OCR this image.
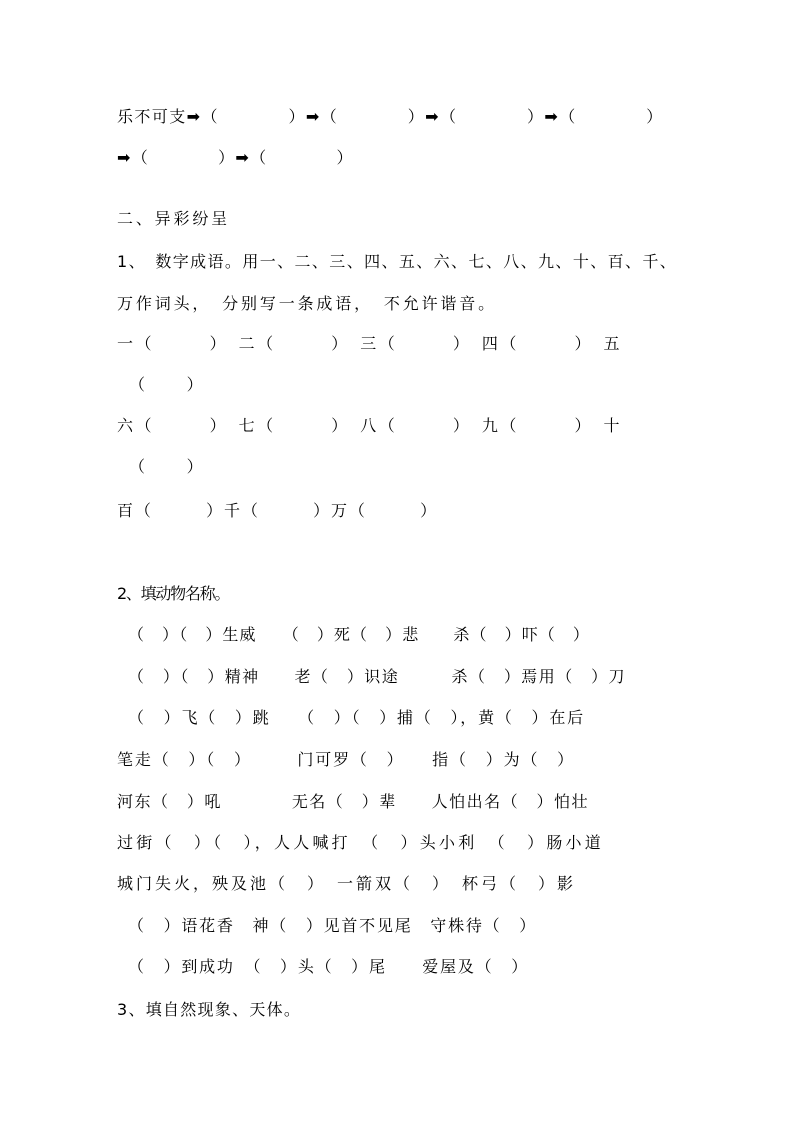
乐不可支➡（　　　　）➡（　　　　）➡（　　　　）➡（　　　　）
➡（　　　　）➡（　　　　）
二、异彩纷呈
1、　数字成语。用一、二、三、四、五、六、七、八、九、十、百、千、
万作词头，　分别写一条成语，　不允许谐音。
一（　　　）　二（　　　）　三（　　　）　四（　　　）　五
（　　　）
六（　　　）　七（　　　）　八（　　　）　九（　　　）　十
（　　　）
百（　　　）千（　　　）万（　　　）
2、填动物名称。
（　）（　）生威　　（　）死（　）悲　　杀（　）吓（　）
（　）（　）精神　　老（　）识途　　　杀（　）焉用（　）刀
（　）飞（　）跳　　（　）（　）捕（　），黄（　）在后
笔走（　）（　）　　　门可罗（　）　　指（　）为（　）
河东（　）吼　　　　无名（　）辈　　人怕出名（　）怕壮
过街（　）（　），人人喊打　（　）头小利　（　）肠小道
城门失火，殃及池（　）　一箭双（　）　杯弓（　）影
（　）语花香　神（　）见首不见尾　守株待（　）
（　）到成功　（　）头（　）尾　　爱屋及（　）
3、填自然现象、天体。
